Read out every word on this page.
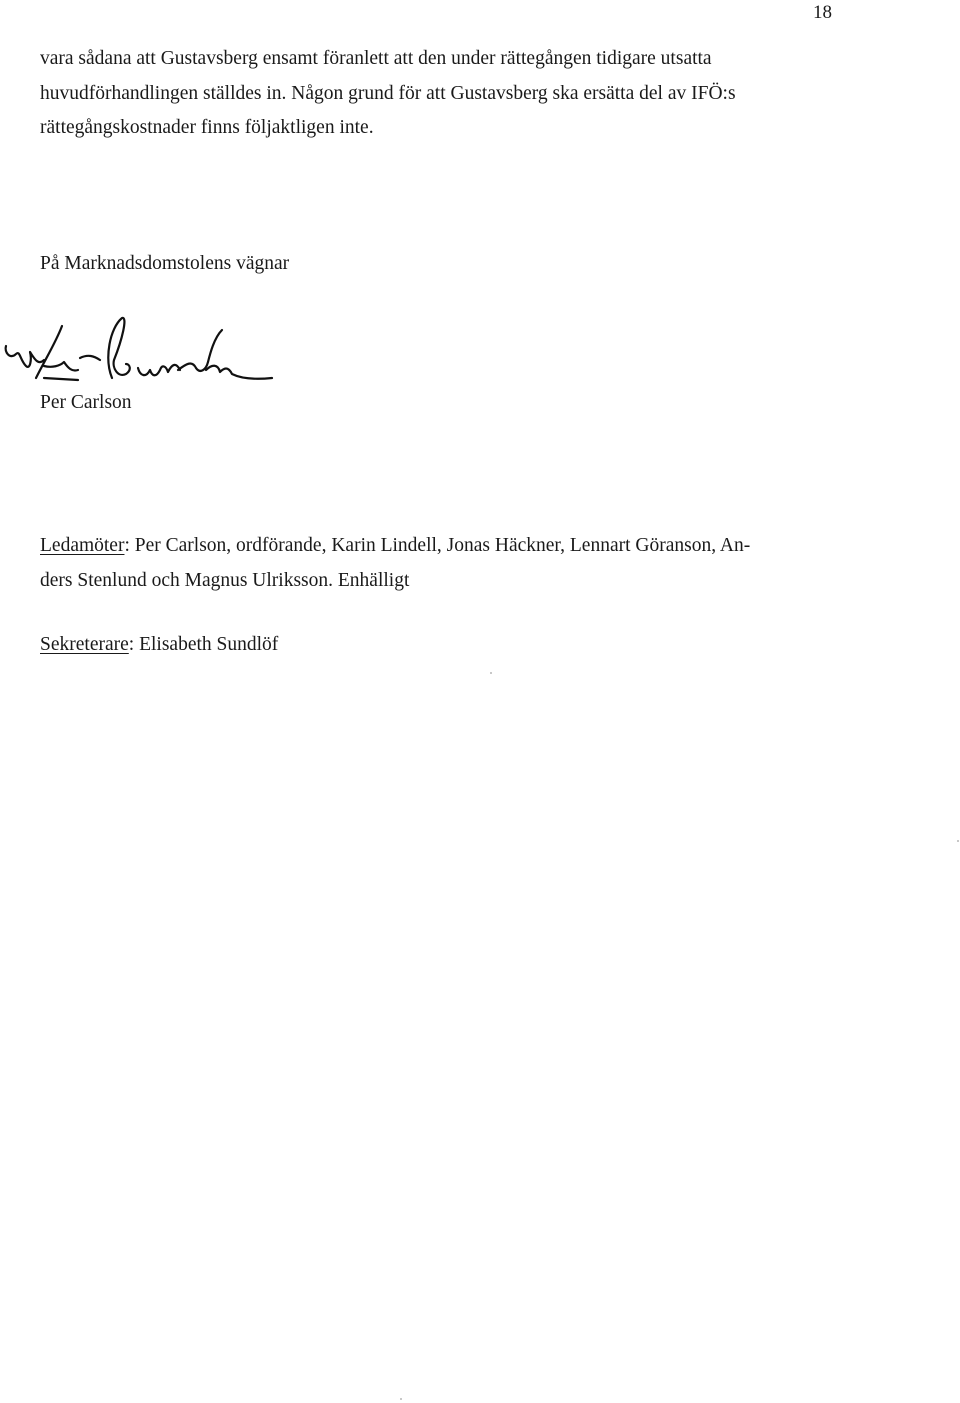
18

vara sådana att Gustavsberg ensamt föranlett att den under rättegången tidigare utsatta
huvudförhandlingen ställdes in. Någon grund för att Gustavsberg ska ersätta del av IFÖ:s
rättegångskostnader finns följaktligen inte.

På Marknadsdomstolens vägnar
Per Carlson

Ledamöter: Per Carlson, ordförande, Karin Lindell, Jonas Häckner, Lennart Göranson, An-
ders Stenlund och Magnus Ulriksson. Enhälligt

Sekreterare: Elisabeth Sundlöf
